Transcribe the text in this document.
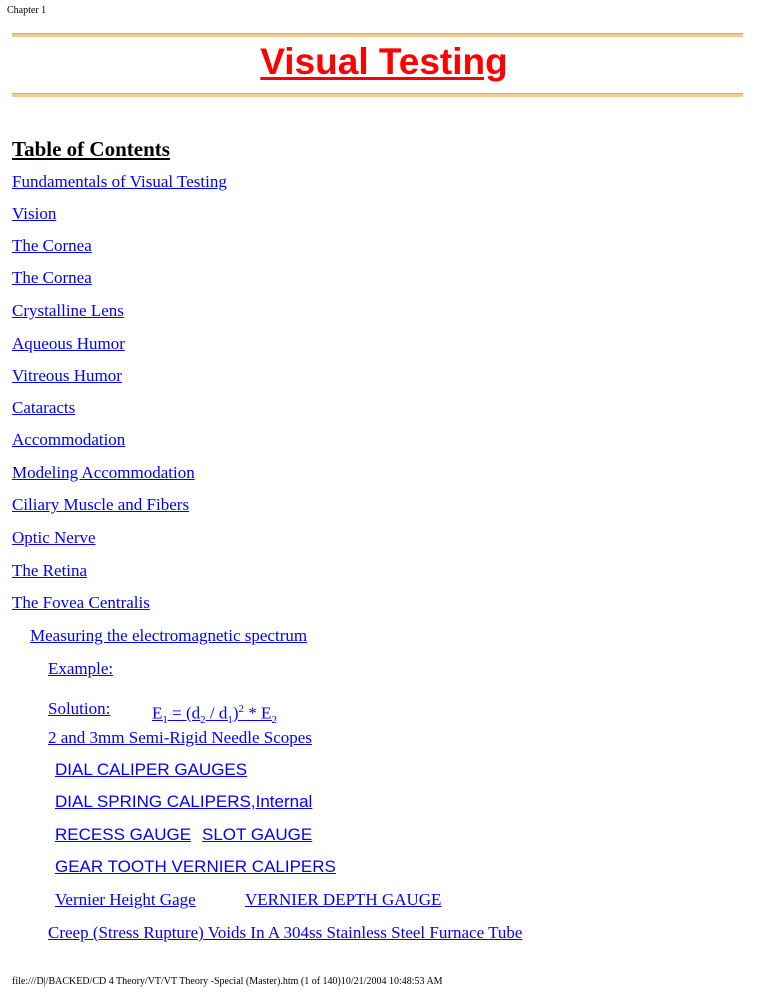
Chapter 1
Visual Testing
Table of Contents
Fundamentals of Visual Testing
Vision
The Cornea
The Cornea
Crystalline Lens
Aqueous Humor
Vitreous Humor
Cataracts
Accommodation
Modeling Accommodation
Ciliary Muscle and Fibers
Optic Nerve
The Retina
The Fovea Centralis
Measuring the electromagnetic spectrum
Example:
Solution: $E_1 = (d_2 / d_1)^2 * E_2$
2 and 3mm Semi-Rigid Needle Scopes
DIAL CALIPER GAUGES
DIAL SPRING CALIPERS,Internal
RECESS GAUGE SLOT GAUGE
GEAR TOOTH VERNIER CALIPERS
Vernier Height Gage	VERNIER DEPTH GAUGE
Creep (Stress Rupture) Voids In A 304ss Stainless Steel Furnace Tube
file:///D|/BACKED/CD 4 Theory/VT/VT Theory -Special (Master).htm (1 of 140)10/21/2004 10:48:53 AM
